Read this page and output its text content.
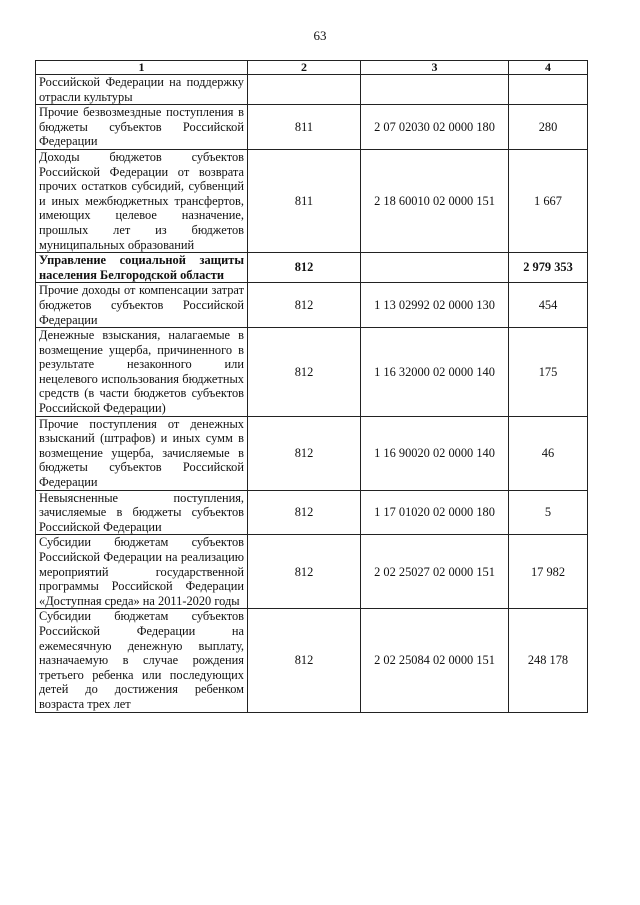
63
1	2	3	4
Российской Федерации на поддержку отрасли культуры			
Прочие безвозмездные поступления в бюджеты субъектов Российской Федерации	811	2 07 02030 02 0000 180	280
Доходы бюджетов субъектов Российской Федерации от возврата прочих остатков субсидий, субвенций и иных межбюджетных трансфертов, имеющих целевое назначение, прошлых лет из бюджетов муниципальных образований	811	2 18 60010 02 0000 151	1 667
Управление социальной защиты населения Белгородской области	812		2 979 353
Прочие доходы от компенсации затрат бюджетов субъектов Российской Федерации	812	1 13 02992 02 0000 130	454
Денежные взыскания, налагаемые в возмещение ущерба, причиненного в результате незаконного или нецелевого использования бюджетных средств (в части бюджетов субъектов Российской Федерации)	812	1 16 32000 02 0000 140	175
Прочие поступления от денежных взысканий (штрафов) и иных сумм в возмещение ущерба, зачисляемые в бюджеты субъектов Российской Федерации	812	1 16 90020 02 0000 140	46
Невыясненные поступления, зачисляемые в бюджеты субъектов Российской Федерации	812	1 17 01020 02 0000 180	5
Субсидии бюджетам субъектов Российской Федерации на реализацию мероприятий государственной программы Российской Федерации «Доступная среда» на 2011-2020 годы	812	2 02 25027 02 0000 151	17 982
Субсидии бюджетам субъектов Российской Федерации на ежемесячную денежную выплату, назначаемую в случае рождения третьего ребенка или последующих детей до достижения ребенком возраста трех лет	812	2 02 25084 02 0000 151	248 178
